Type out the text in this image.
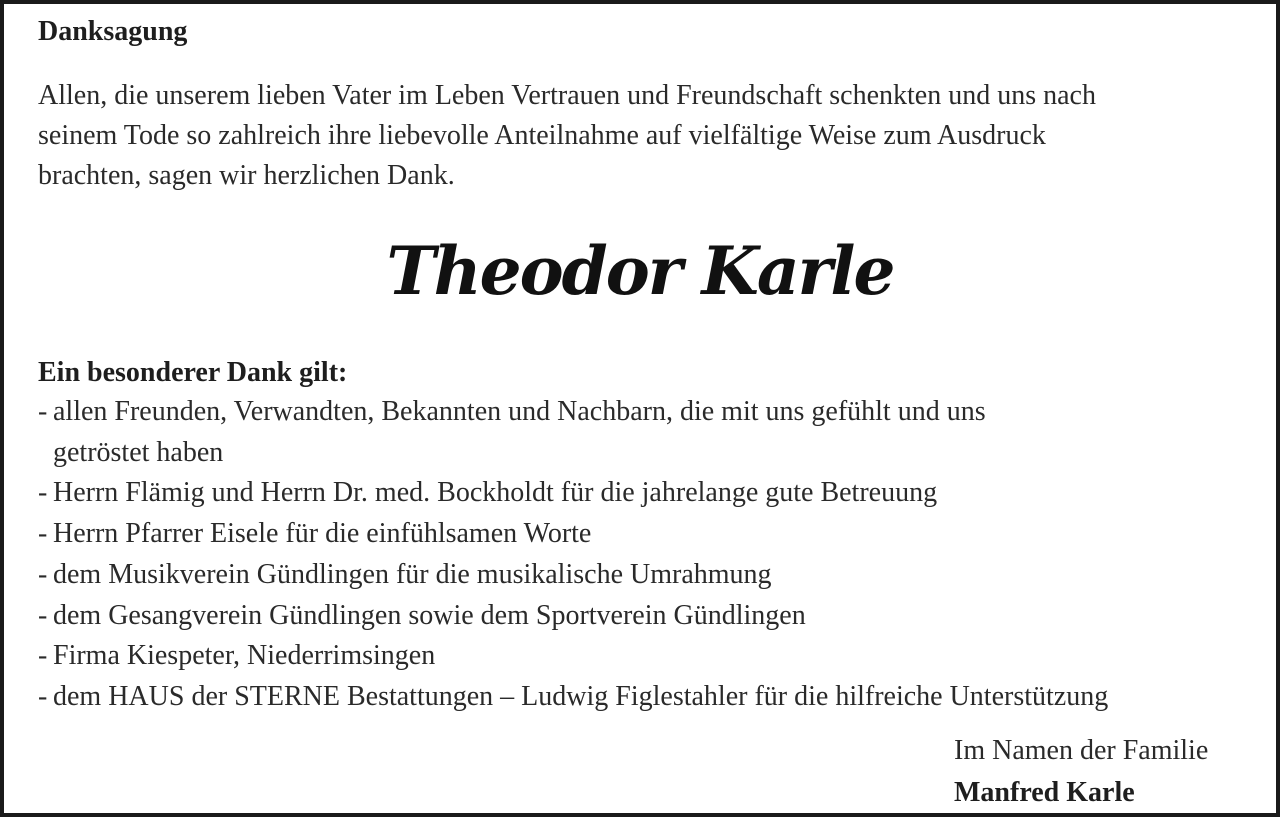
Danksagung

Allen, die unserem lieben Vater im Leben Vertrauen und Freundschaft schenkten und uns nach
seinem Tode so zahlreich ihre liebevolle Anteilnahme auf vielfältige Weise zum Ausdruck
brachten, sagen wir herzlichen Dank.

Theodor Karle
Ein besonderer Dank gilt:
- allen Freunden, Verwandten, Bekannten und Nachbarn, die mit uns gefühlt und uns
getröstet haben
- Herrn Flämig und Herrn Dr. med. Bockholdt für die jahrelange gute Betreuung
- Herrn Pfarrer Eisele für die einfühlsamen Worte
- dem Musikverein Gündlingen für die musikalische Umrahmung
- dem Gesangverein Gündlingen sowie dem Sportverein Gündlingen
- Firma Kiespeter, Niederrimsingen
- dem HAUS der STERNE Bestattungen – Ludwig Figlestahler für die hilfreiche Unterstützung
Im Namen der Familie
Manfred Karle
